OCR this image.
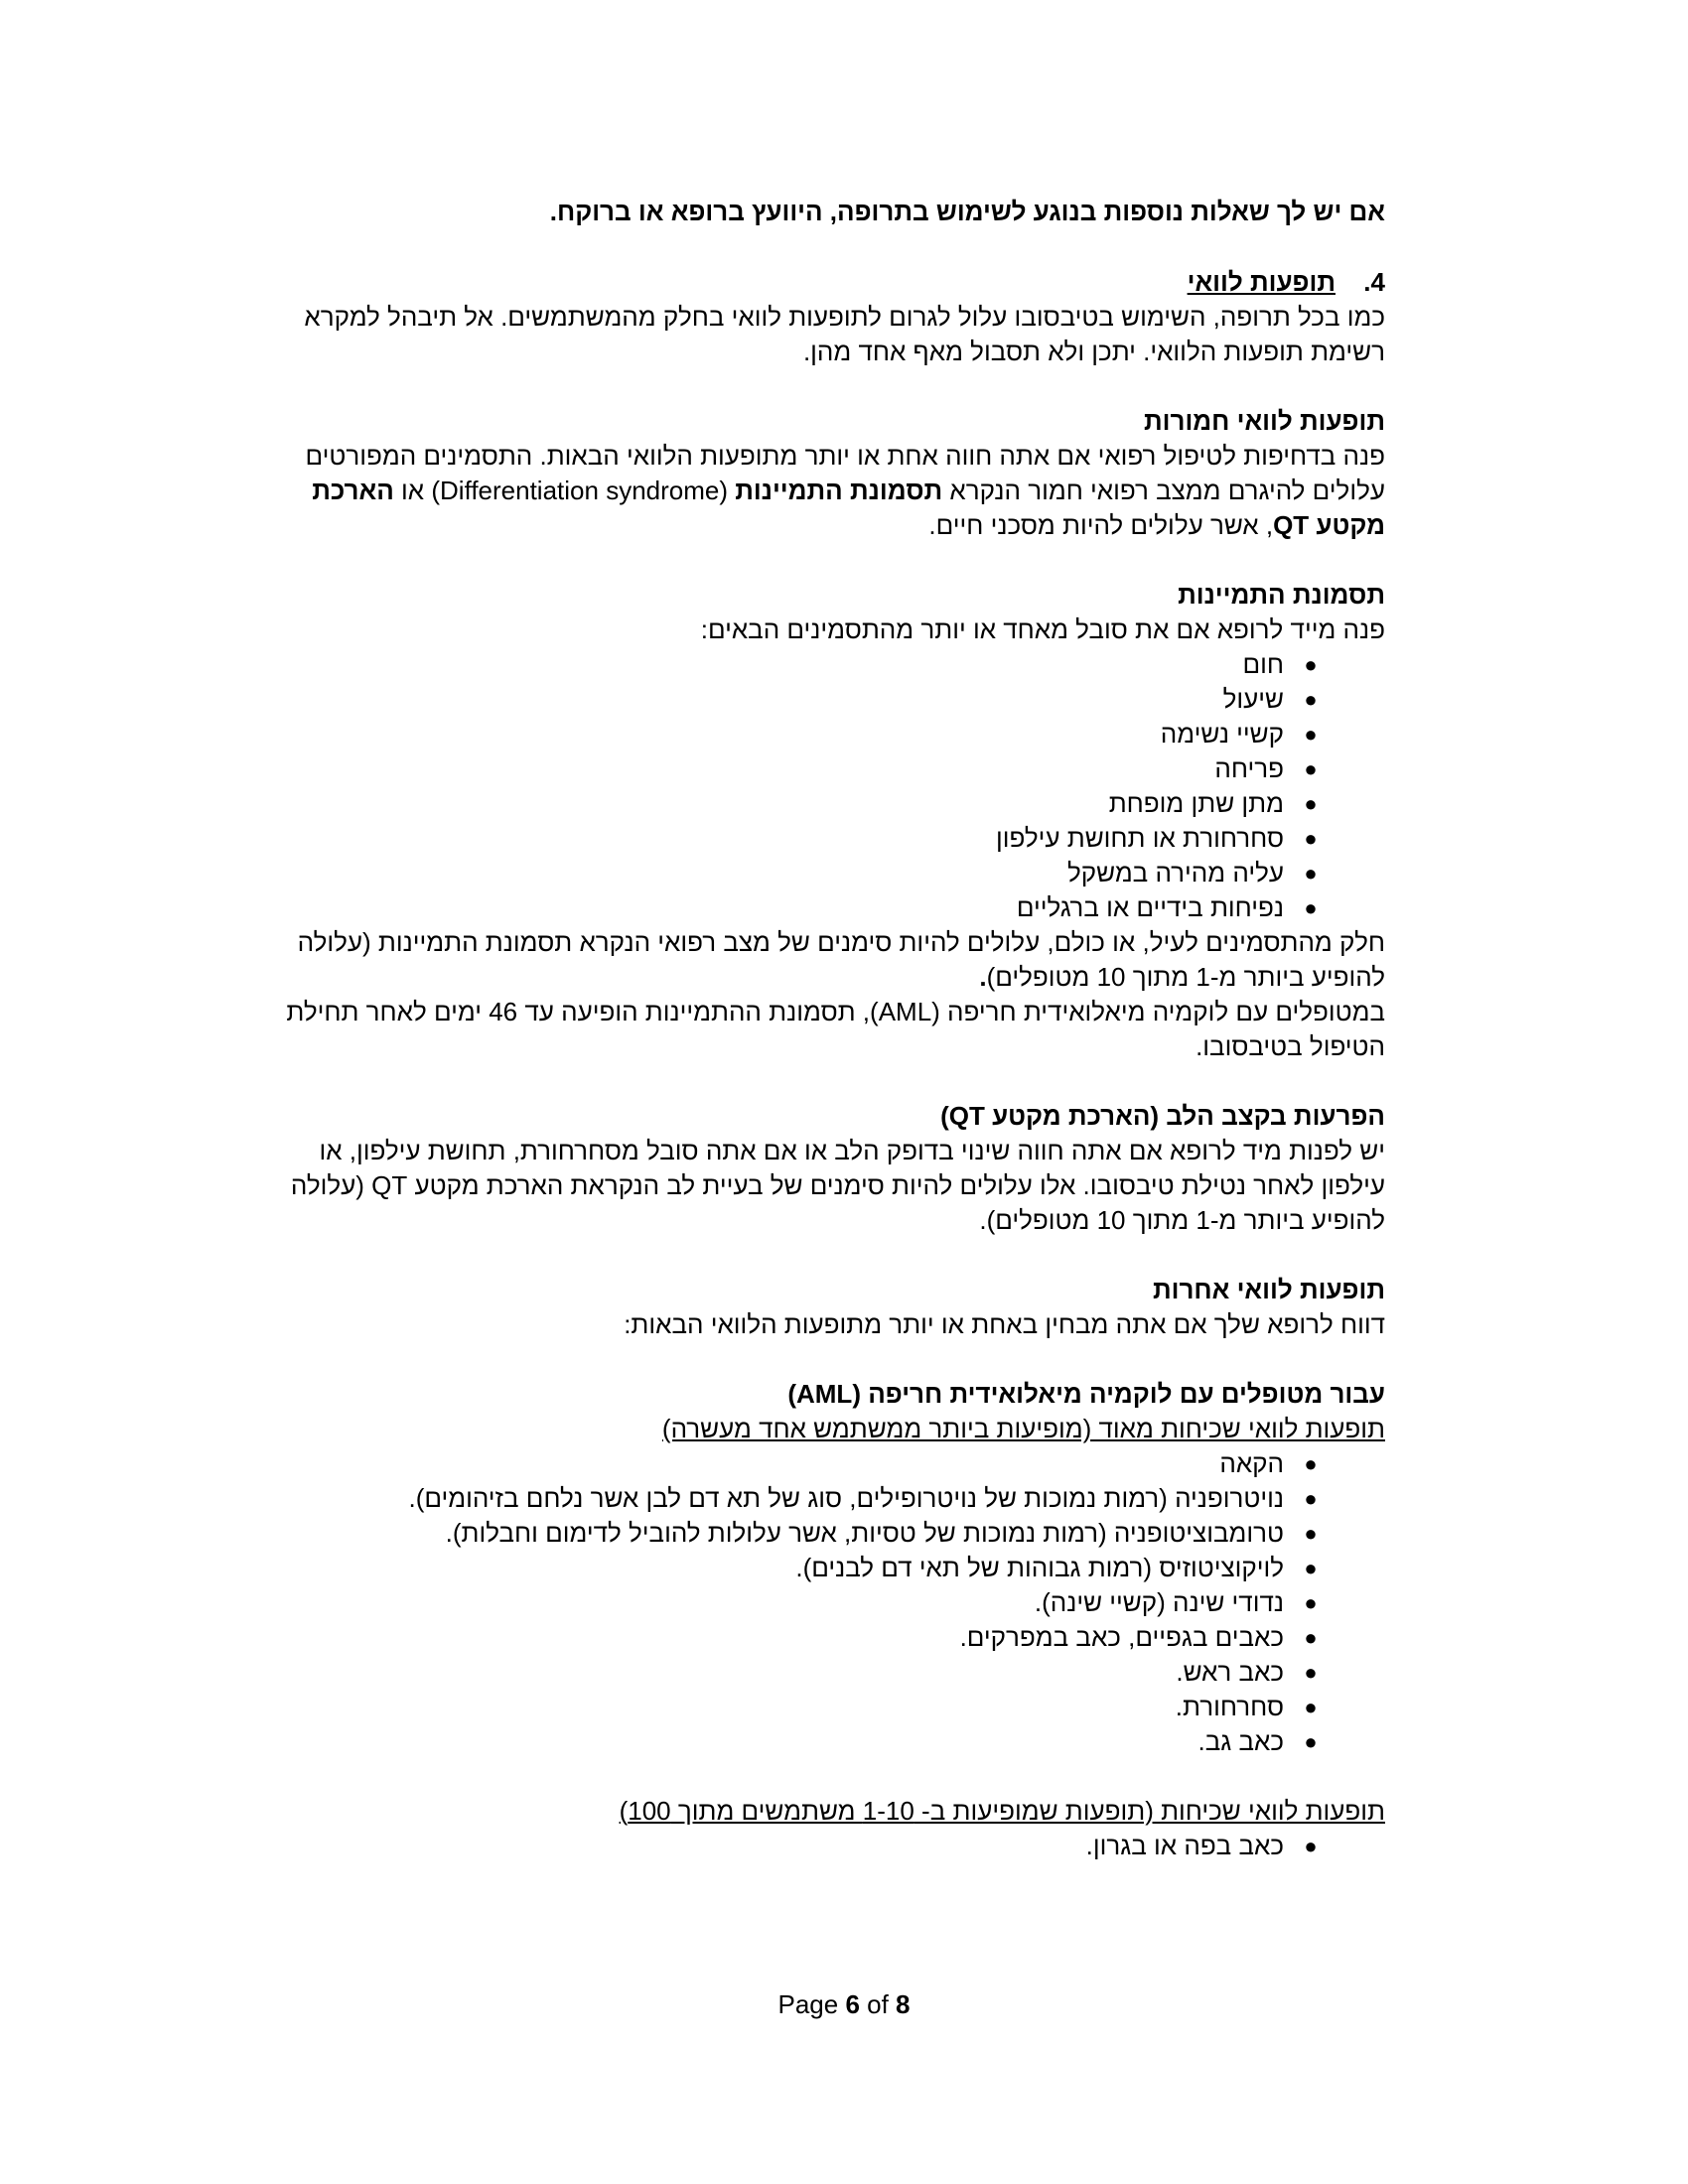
אם יש לך שאלות נוספות בנוגע לשימוש בתרופה, היוועץ ברופא או ברוקח.

4.
תופעות לוואי

כמו בכל תרופה, השימוש בטיבסובו עלול לגרום לתופעות לוואי בחלק מהמשתמשים. אל תיבהל למקרא רשימת תופעות הלוואי. יתכן ולא תסבול מאף אחד מהן.

תופעות לוואי חמורות

פנה בדחיפות לטיפול רפואי אם אתה חווה אחת או יותר מתופעות הלוואי הבאות. התסמינים המפורטים עלולים להיגרם ממצב רפואי חמור הנקרא תסמונת התמיינות (Differentiation syndrome) או הארכת מקטע QT, אשר עלולים להיות מסכני חיים.

תסמונת התמיינות

פנה מייד לרופא אם את סובל מאחד או יותר מהתסמינים הבאים:

●
חום
●
שיעול
●
קשיי נשימה
●
פריחה
●
מתן שתן מופחת
●
סחרחורת או תחושת עילפון
●
עליה מהירה במשקל
●
נפיחות בידיים או ברגליים

חלק מהתסמינים לעיל, או כולם, עלולים להיות סימנים של מצב רפואי הנקרא תסמונת התמיינות (עלולה להופיע ביותר מ-1 מתוך 10 מטופלים).

במטופלים עם לוקמיה מיאלואידית חריפה (AML), תסמונת ההתמיינות הופיעה עד 46 ימים לאחר תחילת הטיפול בטיבסובו.

הפרעות בקצב הלב (הארכת מקטע QT)

יש לפנות מיד לרופא אם אתה חווה שינוי בדופק הלב או אם אתה סובל מסחרחורת, תחושת עילפון, או עילפון לאחר נטילת טיבסובו. אלו עלולים להיות סימנים של בעיית לב הנקראת הארכת מקטע QT (עלולה להופיע ביותר מ-1 מתוך 10 מטופלים).

תופעות לוואי אחרות

דווח לרופא שלך אם אתה מבחין באחת או יותר מתופעות הלוואי הבאות:

עבור מטופלים עם לוקמיה מיאלואידית חריפה (AML)

תופעות לוואי שכיחות מאוד (מופיעות ביותר ממשתמש אחד מעשרה)

●
הקאה
●
נויטרופניה (רמות נמוכות של נויטרופילים, סוג של תא דם לבן אשר נלחם בזיהומים).
●
טרומבוציטופניה (רמות נמוכות של טסיות, אשר עלולות להוביל לדימום וחבלות).
●
לויקוציטוזיס (רמות גבוהות של תאי דם לבנים).
●
נדודי שינה (קשיי שינה).
●
כאבים בגפיים, כאב במפרקים.
●
כאב ראש.
●
סחרחורת.
●
כאב גב.

תופעות לוואי שכיחות (תופעות שמופיעות ב- 1-10 משתמשים מתוך 100)

●
כאב בפה או בגרון.
Page 6 of 8
